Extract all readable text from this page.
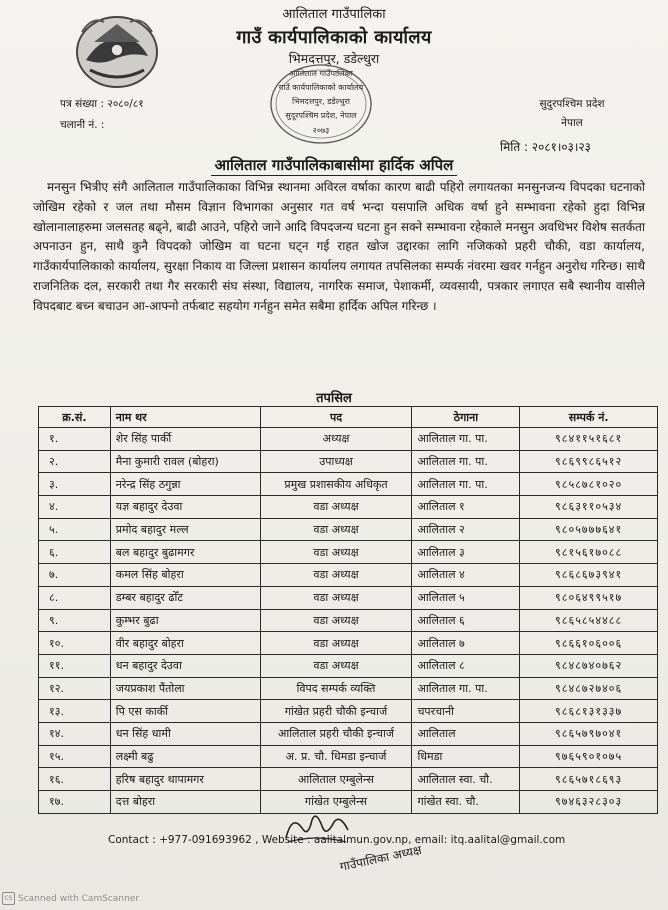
आलिताल गाउँपालिका
गाउँ कार्यपालिकाको कार्यालय
भिमदत्तपुर, डडेल्धुरा
पत्र संख्या : २०८०/८१
चलानी नं. :
आलिताल गाउँपालिका
गाउँ कार्यपालिकाको कार्यालय
भिमदत्तपुर, डडेल्धुरा
सुदूरपश्चिम प्रदेश, नेपाल
२०७३
सुदुरपश्चिम प्रदेश
नेपाल
मिति : २०८१।०३।२३
आलिताल गाउँपालिकाबासीमा हार्दिक अपिल
मनसुन भित्रीए संगै आलिताल गाउँपालिकाका विभिन्न स्थानमा अविरल वर्षाका कारण बाढी पहिरो लगायतका मनसुनजन्य विपदका घटनाको जोखिम रहेको र जल तथा मौसम विज्ञान विभागका अनुसार गत वर्ष भन्दा यसपालि अधिक वर्षा हुने सम्भावना रहेको हुदा विभिन्न खोलानालाहरुमा जलसतह बढ्ने, बाढी आउने, पहिरो जाने आदि विपदजन्य घटना हुन सक्ने सम्भावना रहेकाले मनसुन अवधिभर विशेष सतर्कता अपनाउन हुन, साथै कुनै विपदको जोखिम वा घटना घट्न गई राहत खोज उद्दारका लागि नजिकको प्रहरी चौकी, वडा कार्यालय, गाउँकार्यपालिकाको कार्यालय, सुरक्षा निकाय वा जिल्ला प्रशासन कार्यालय लगायत तपसिलका सम्पर्क नंवरमा खवर गर्नहुन अनुरोध गरिन्छ। साथै राजनितिक दल, सरकारी तथा गैर सरकारी संघ संस्था, विद्यालय, नागरिक समाज, पेशाकर्मी, व्यवसायी, पत्रकार लगाएत सबै स्थानीय वासीले विपदबाट बच्न बचाउन आ-आफ्नो तर्फबाट सहयोग गर्नहुन समेत सबैमा हार्दिक अपिल गरिन्छ ।
तपसिल
क्र.सं.	नाम थर	पद	ठेगाना	सम्पर्क नं.
१.	शेर सिंह पार्की	अध्यक्ष	आलिताल गा. पा.	९८४११५१६८१
२.	मैना कुमारी रावल (बोहरा)	उपाध्यक्ष	आलिताल गा. पा.	९८६९९८६५१२
३.	नरेन्द्र सिंह ठगुन्ना	प्रमुख प्रशासकीय अधिकृत	आलिताल गा. पा.	९८५८७८१०२०
४.	यज्ञ बहादुर देउवा	वडा अध्यक्ष	आलिताल १	९८६३११०५३४
५.	प्रमोद बहादुर मल्ल	वडा अध्यक्ष	आलिताल २	९८०५७७७६४१
६.	बल बहादुर बुढामगर	वडा अध्यक्ष	आलिताल ३	९८१५६१७०८८
७.	कमल सिंह बोहरा	वडा अध्यक्ष	आलिताल ४	९८६८६७३९४१
८.	डम्बर बहादुर ढोँट	वडा अध्यक्ष	आलिताल ५	९८०६४९९५१७
९.	कुम्भर बुढा	वडा अध्यक्ष	आलिताल ६	९८६५८५४४८८
१०.	वीर बहादुर बोहरा	वडा अध्यक्ष	आलिताल ७	९८६६१०६००६
११.	धन बहादुर देउवा	वडा अध्यक्ष	आलिताल ८	९८४८७४०७६२
१२.	जयप्रकाश पैंतोला	विपद सम्पर्क व्यक्ति	आलिताल गा. पा.	९८४८७२७४०६
१३.	पि एस कार्की	गांखेत प्रहरी चौकी इन्चार्ज	चपरचानी	९८६८१३१३३७
१४.	धन सिंह धामी	आलिताल प्रहरी चौकी इन्चार्ज	आलिताल	९८६५७९७०४१
१५.	लक्ष्मी बढु	अ. प्र. चौ. धिमडा इन्चार्ज	धिमडा	९७६५९०१०७५
१६.	हरिष बहादुर थापामगर	आलिताल एम्बुलेन्स	आलिताल स्वा. चौ.	९८६५७१८६९३
१७.	दत्त बोहरा	गांखेत एम्बुलेन्स	गांखेत स्वा. चौ.	९७४६३२८३०३
Contact : +977-091693962 , Website : aalitalmun.gov.np, email: itq.aalital@gmail.com
गाउँपालिका अध्यक्ष
CS Scanned with CamScanner
